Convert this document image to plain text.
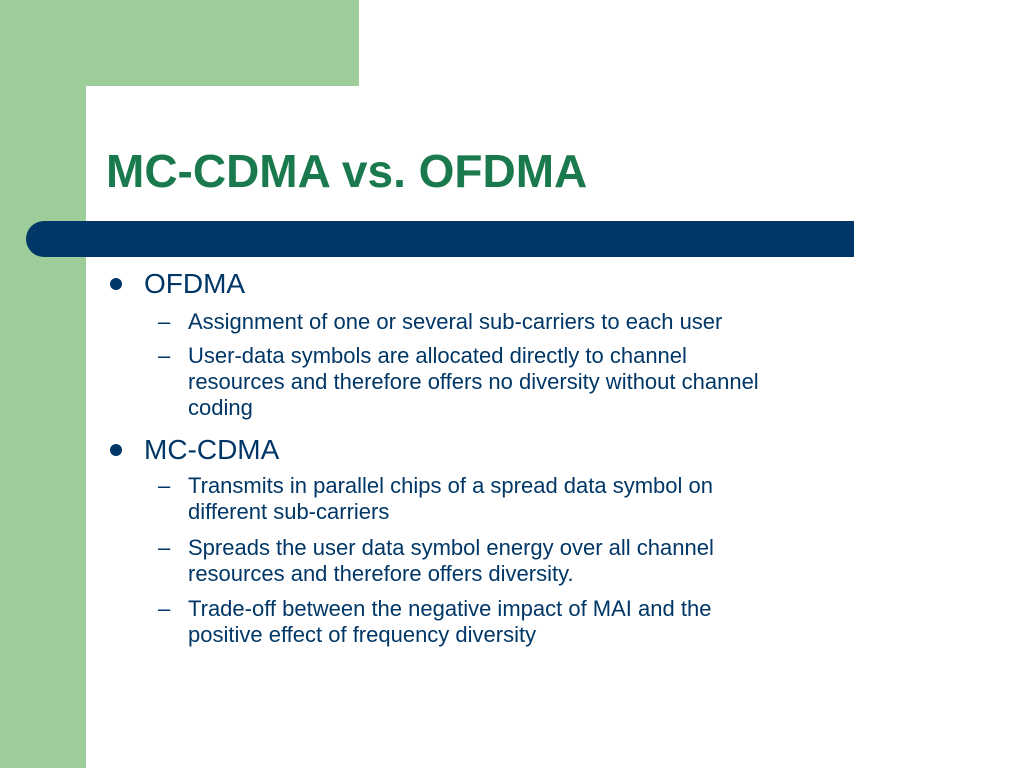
MC-CDMA vs. OFDMA
OFDMA
– Assignment of one or several sub-carriers to each user
– User-data symbols are allocated directly to channel
resources and therefore offers no diversity without channel
coding
MC-CDMA
– Transmits in parallel chips of a spread data symbol on
different sub-carriers
– Spreads the user data symbol energy over all channel
resources and therefore offers diversity.
– Trade-off between the negative impact of MAI and the
positive effect of frequency diversity
